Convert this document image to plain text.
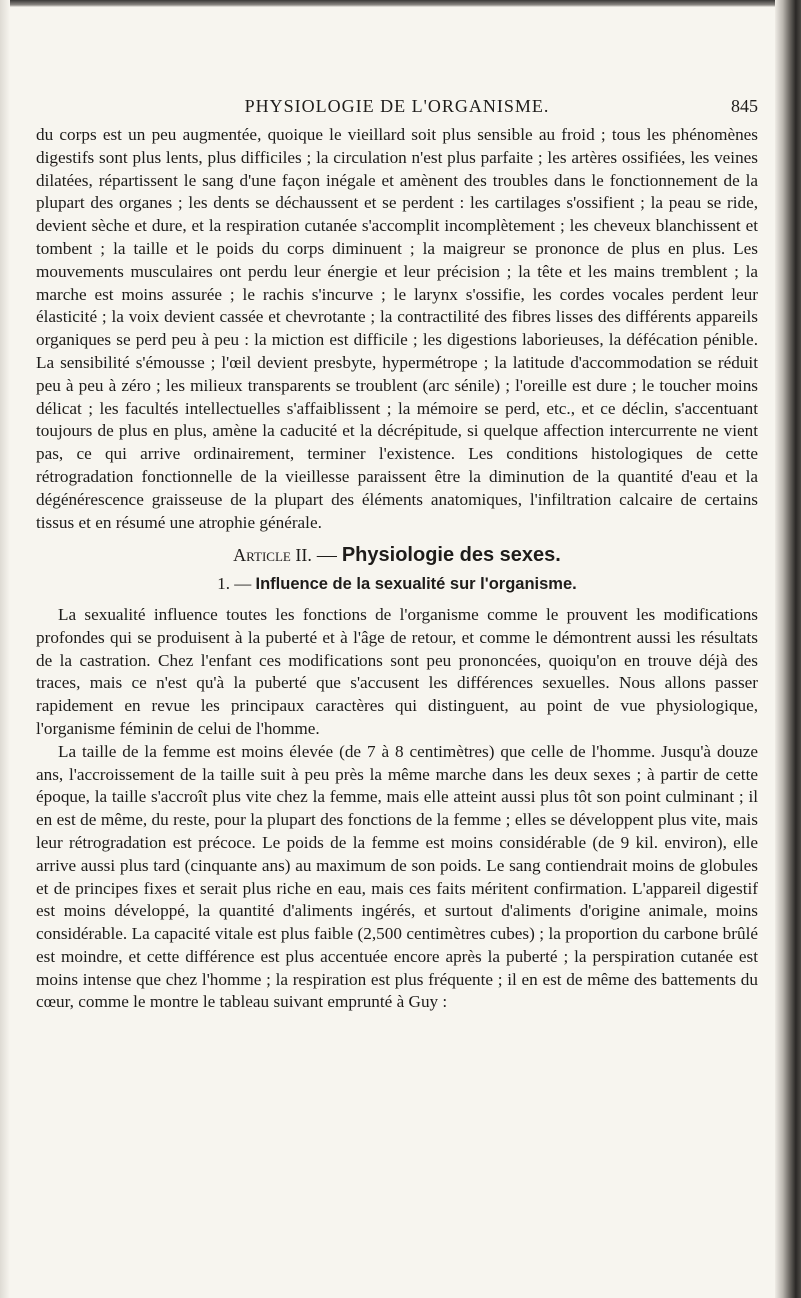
PHYSIOLOGIE DE L'ORGANISME.	845

du corps est un peu augmentée, quoique le vieillard soit plus sensible au froid ; tous les phénomènes digestifs sont plus lents, plus difficiles ; la circulation n'est plus parfaite ; les artères ossifiées, les veines dilatées, répartissent le sang d'une façon inégale et amènent des troubles dans le fonctionnement de la plupart des organes ; les dents se déchaussent et se perdent : les cartilages s'ossifient ; la peau se ride, devient sèche et dure, et la respiration cutanée s'accomplit incomplètement ; les cheveux blanchissent et tombent ; la taille et le poids du corps diminuent ; la maigreur se prononce de plus en plus. Les mouvements musculaires ont perdu leur énergie et leur précision ; la tête et les mains tremblent ; la marche est moins assurée ; le rachis s'incurve ; le larynx s'ossifie, les cordes vocales perdent leur élasticité ; la voix devient cassée et chevrotante ; la contractilité des fibres lisses des différents appareils organiques se perd peu à peu : la miction est difficile ; les digestions laborieuses, la défécation pénible. La sensibilité s'émousse ; l'œil devient presbyte, hypermétrope ; la latitude d'accommodation se réduit peu à peu à zéro ; les milieux transparents se troublent (arc sénile) ; l'oreille est dure ; le toucher moins délicat ; les facultés intellectuelles s'affaiblissent ; la mémoire se perd, etc., et ce déclin, s'accentuant toujours de plus en plus, amène la caducité et la décrépitude, si quelque affection intercurrente ne vient pas, ce qui arrive ordinairement, terminer l'existence. Les conditions histologiques de cette rétrogradation fonctionnelle de la vieillesse paraissent être la diminution de la quantité d'eau et la dégénérescence graisseuse de la plupart des éléments anatomiques, l'infiltration calcaire de certains tissus et en résumé une atrophie générale.

Article II. — Physiologie des sexes.
1. — Influence de la sexualité sur l'organisme.

La sexualité influence toutes les fonctions de l'organisme comme le prouvent les modifications profondes qui se produisent à la puberté et à l'âge de retour, et comme le démontrent aussi les résultats de la castration. Chez l'enfant ces modifications sont peu prononcées, quoiqu'on en trouve déjà des traces, mais ce n'est qu'à la puberté que s'accusent les différences sexuelles. Nous allons passer rapidement en revue les principaux caractères qui distinguent, au point de vue physiologique, l'organisme féminin de celui de l'homme.

La taille de la femme est moins élevée (de 7 à 8 centimètres) que celle de l'homme. Jusqu'à douze ans, l'accroissement de la taille suit à peu près la même marche dans les deux sexes ; à partir de cette époque, la taille s'accroît plus vite chez la femme, mais elle atteint aussi plus tôt son point culminant ; il en est de même, du reste, pour la plupart des fonctions de la femme ; elles se développent plus vite, mais leur rétrogradation est précoce. Le poids de la femme est moins considérable (de 9 kil. environ), elle arrive aussi plus tard (cinquante ans) au maximum de son poids. Le sang contiendrait moins de globules et de principes fixes et serait plus riche en eau, mais ces faits méritent confirmation. L'appareil digestif est moins développé, la quantité d'aliments ingérés, et surtout d'aliments d'origine animale, moins considérable. La capacité vitale est plus faible (2,500 centimètres cubes) ; la proportion du carbone brûlé est moindre, et cette différence est plus accentuée encore après la puberté ; la perspiration cutanée est moins intense que chez l'homme ; la respiration est plus fréquente ; il en est de même des battements du cœur, comme le montre le tableau suivant emprunté à Guy :
